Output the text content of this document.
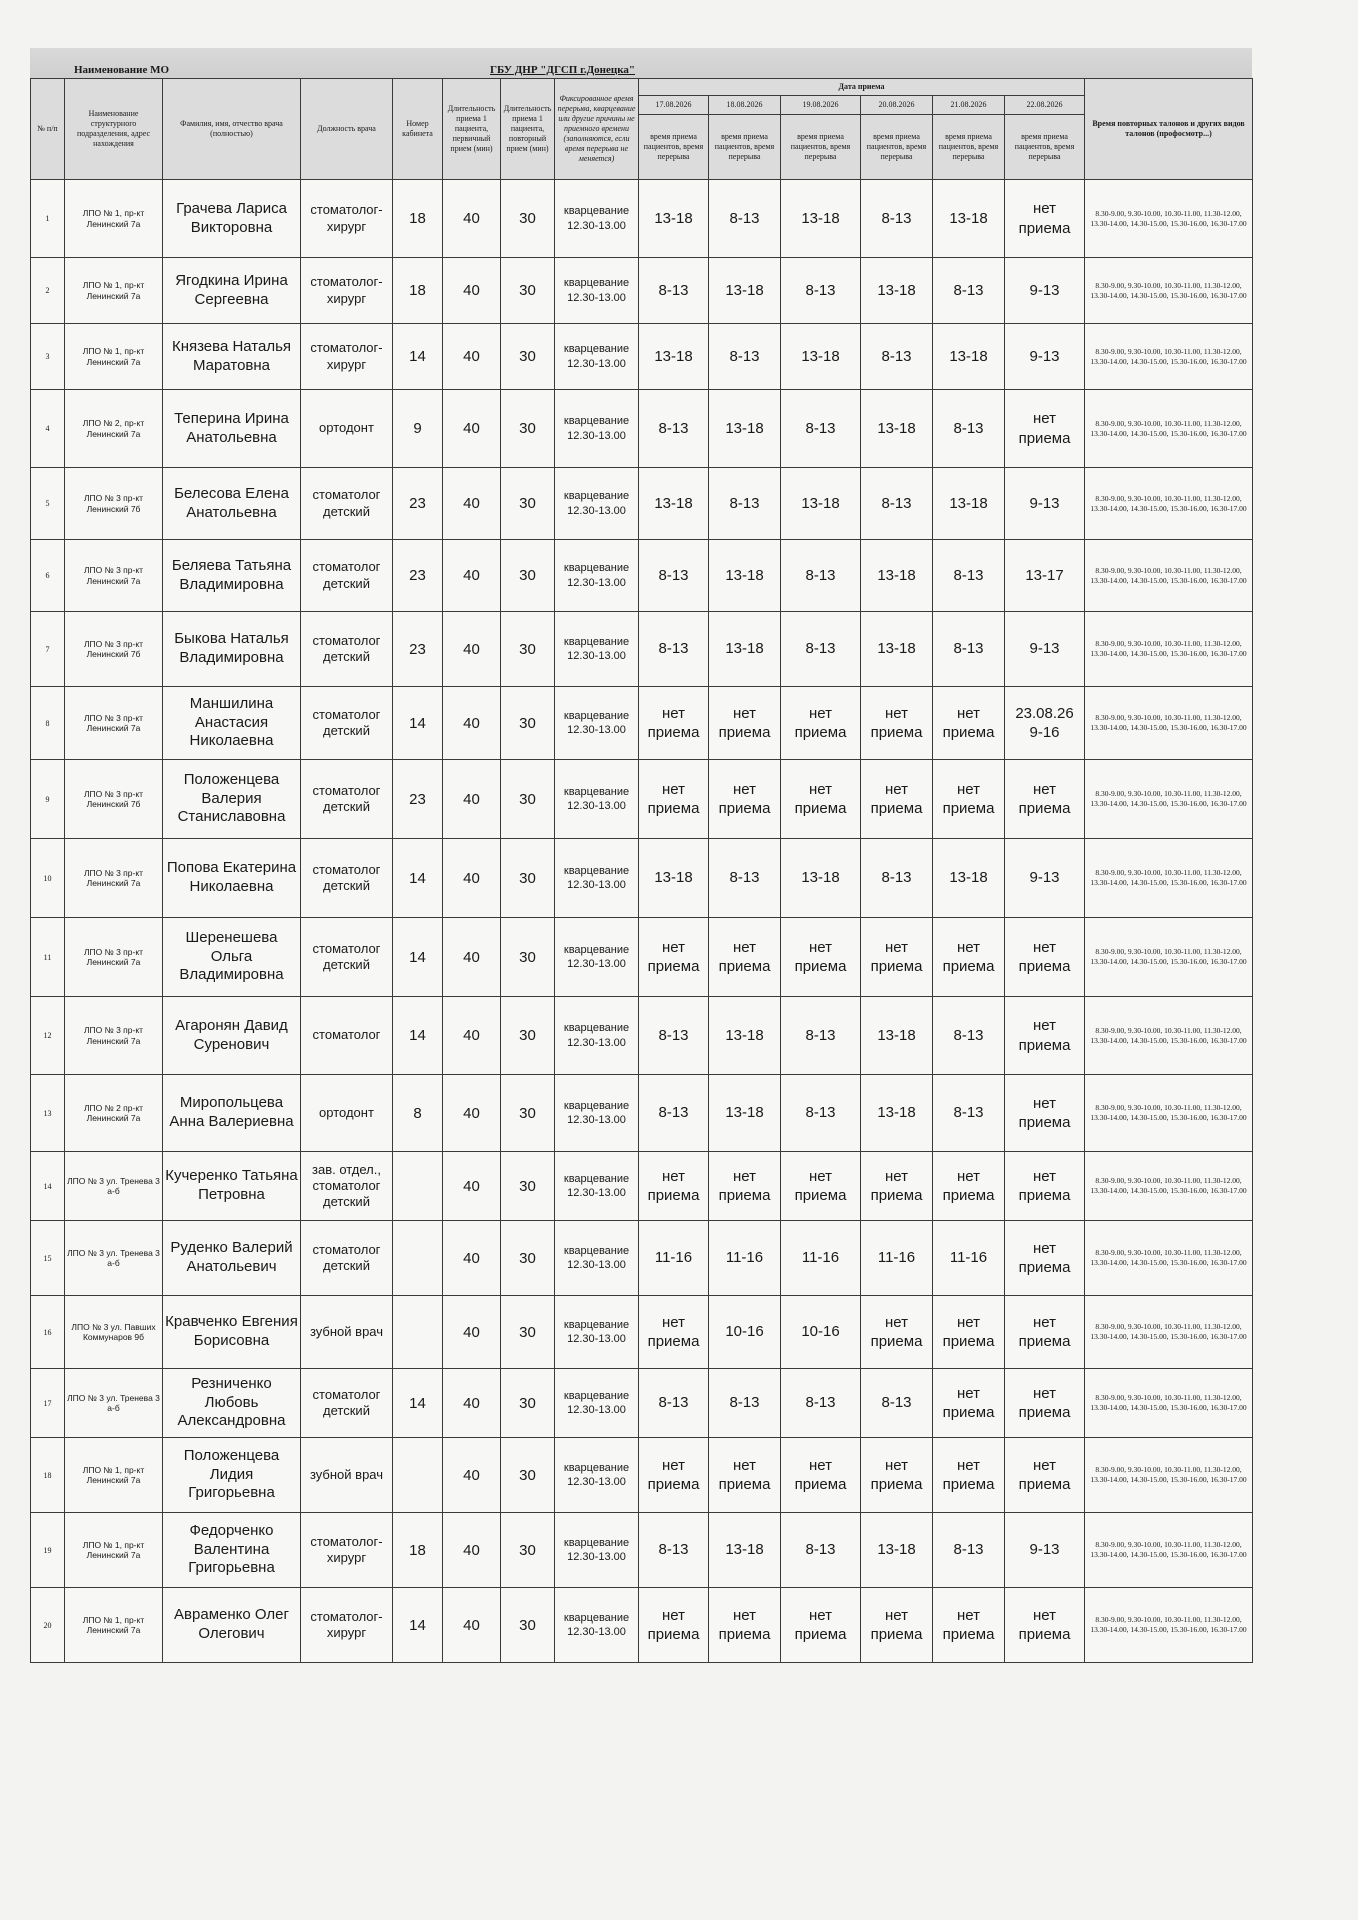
Наименование МО	ГБУ ДНР "ДГСП г.Донецка"
№ п/п	Наименование структурного подразделения, адрес нахождения	Фамилия, имя, отчество врача (полностью)	Должность врача	Номер кабинета	Длительность приема 1 пациента, первичный прием (мин)	Длительность приема 1 пациента, повторный прием (мин)	Фиксированное время перерыва, кварцевание или другие причины не приемного времени (заполняются, если время перерыва не меняется)	Дата приема						Время повторных талонов и других видов талонов (профосмотр...)
								17.08.2026	18.08.2026	19.08.2026	20.08.2026	21.08.2026	22.08.2026	
								время приема пациентов, время перерыва	время приема пациентов, время перерыва	время приема пациентов, время перерыва	время приема пациентов, время перерыва	время приема пациентов, время перерыва	время приема пациентов, время перерыва	
1	ЛПО № 1, пр-кт Ленинский 7а	Грачева Лариса Викторовна	стоматолог-хирург	18	40	30	кварцевание 12.30-13.00	13-18	8-13	13-18	8-13	13-18	нет приема	8.30-9.00, 9.30-10.00, 10.30-11.00, 11.30-12.00, 13.30-14.00, 14.30-15.00, 15.30-16.00, 16.30-17.00
2	ЛПО № 1, пр-кт Ленинский 7а	Ягодкина Ирина Сергеевна	стоматолог-хирург	18	40	30	кварцевание 12.30-13.00	8-13	13-18	8-13	13-18	8-13	9-13	8.30-9.00, 9.30-10.00, 10.30-11.00, 11.30-12.00, 13.30-14.00, 14.30-15.00, 15.30-16.00, 16.30-17.00
3	ЛПО № 1, пр-кт Ленинский 7а	Князева Наталья Маратовна	стоматолог-хирург	14	40	30	кварцевание 12.30-13.00	13-18	8-13	13-18	8-13	13-18	9-13	8.30-9.00, 9.30-10.00, 10.30-11.00, 11.30-12.00, 13.30-14.00, 14.30-15.00, 15.30-16.00, 16.30-17.00
4	ЛПО № 2, пр-кт Ленинский 7а	Теперина Ирина Анатольевна	ортодонт	9	40	30	кварцевание 12.30-13.00	8-13	13-18	8-13	13-18	8-13	нет приема	8.30-9.00, 9.30-10.00, 10.30-11.00, 11.30-12.00, 13.30-14.00, 14.30-15.00, 15.30-16.00, 16.30-17.00
5	ЛПО № 3 пр-кт Ленинский 7б	Белесова Елена Анатольевна	стоматолог детский	23	40	30	кварцевание 12.30-13.00	13-18	8-13	13-18	8-13	13-18	9-13	8.30-9.00, 9.30-10.00, 10.30-11.00, 11.30-12.00, 13.30-14.00, 14.30-15.00, 15.30-16.00, 16.30-17.00
6	ЛПО № 3 пр-кт Ленинский 7а	Беляева Татьяна Владимировна	стоматолог детский	23	40	30	кварцевание 12.30-13.00	8-13	13-18	8-13	13-18	8-13	13-17	8.30-9.00, 9.30-10.00, 10.30-11.00, 11.30-12.00, 13.30-14.00, 14.30-15.00, 15.30-16.00, 16.30-17.00
7	ЛПО № 3 пр-кт Ленинский 7б	Быкова Наталья Владимировна	стоматолог детский	23	40	30	кварцевание 12.30-13.00	8-13	13-18	8-13	13-18	8-13	9-13	8.30-9.00, 9.30-10.00, 10.30-11.00, 11.30-12.00, 13.30-14.00, 14.30-15.00, 15.30-16.00, 16.30-17.00
8	ЛПО № 3 пр-кт Ленинский 7а	Маншилина Анастасия Николаевна	стоматолог детский	14	40	30	кварцевание 12.30-13.00	нет приема	нет приема	нет приема	нет приема	нет приема	23.08.26 9-16	8.30-9.00, 9.30-10.00, 10.30-11.00, 11.30-12.00, 13.30-14.00, 14.30-15.00, 15.30-16.00, 16.30-17.00
9	ЛПО № 3 пр-кт Ленинский 7б	Положенцева Валерия Станиславовна	стоматолог детский	23	40	30	кварцевание 12.30-13.00	нет приема	нет приема	нет приема	нет приема	нет приема	нет приема	8.30-9.00, 9.30-10.00, 10.30-11.00, 11.30-12.00, 13.30-14.00, 14.30-15.00, 15.30-16.00, 16.30-17.00
10	ЛПО № 3 пр-кт Ленинский 7а	Попова Екатерина Николаевна	стоматолог детский	14	40	30	кварцевание 12.30-13.00	13-18	8-13	13-18	8-13	13-18	9-13	8.30-9.00, 9.30-10.00, 10.30-11.00, 11.30-12.00, 13.30-14.00, 14.30-15.00, 15.30-16.00, 16.30-17.00
11	ЛПО № 3 пр-кт Ленинский 7а	Шеренешева Ольга Владимировна	стоматолог детский	14	40	30	кварцевание 12.30-13.00	нет приема	нет приема	нет приема	нет приема	нет приема	нет приема	8.30-9.00, 9.30-10.00, 10.30-11.00, 11.30-12.00, 13.30-14.00, 14.30-15.00, 15.30-16.00, 16.30-17.00
12	ЛПО № 3 пр-кт Ленинский 7а	Агаронян Давид Суренович	стоматолог	14	40	30	кварцевание 12.30-13.00	8-13	13-18	8-13	13-18	8-13	нет приема	8.30-9.00, 9.30-10.00, 10.30-11.00, 11.30-12.00, 13.30-14.00, 14.30-15.00, 15.30-16.00, 16.30-17.00
13	ЛПО № 2 пр-кт Ленинский 7а	Миропольцева Анна Валериевна	ортодонт	8	40	30	кварцевание 12.30-13.00	8-13	13-18	8-13	13-18	8-13	нет приема	8.30-9.00, 9.30-10.00, 10.30-11.00, 11.30-12.00, 13.30-14.00, 14.30-15.00, 15.30-16.00, 16.30-17.00
14	ЛПО № 3 ул. Тренева 3 а-б	Кучеренко Татьяна Петровна	зав. отдел., стоматолог детский		40	30	кварцевание 12.30-13.00	нет приема	нет приема	нет приема	нет приема	нет приема	нет приема	8.30-9.00, 9.30-10.00, 10.30-11.00, 11.30-12.00, 13.30-14.00, 14.30-15.00, 15.30-16.00, 16.30-17.00
15	ЛПО № 3 ул. Тренева 3 а-б	Руденко Валерий Анатольевич	стоматолог детский		40	30	кварцевание 12.30-13.00	11-16	11-16	11-16	11-16	11-16	нет приема	8.30-9.00, 9.30-10.00, 10.30-11.00, 11.30-12.00, 13.30-14.00, 14.30-15.00, 15.30-16.00, 16.30-17.00
16	ЛПО № 3 ул. Павших Коммунаров 9б	Кравченко Евгения Борисовна	зубной врач		40	30	кварцевание 12.30-13.00	нет приема	10-16	10-16	нет приема	нет приема	нет приема	8.30-9.00, 9.30-10.00, 10.30-11.00, 11.30-12.00, 13.30-14.00, 14.30-15.00, 15.30-16.00, 16.30-17.00
17	ЛПО № 3 ул. Тренева 3 а-б	Резниченко Любовь Александровна	стоматолог детский	14	40	30	кварцевание 12.30-13.00	8-13	8-13	8-13	8-13	нет приема	нет приема	8.30-9.00, 9.30-10.00, 10.30-11.00, 11.30-12.00, 13.30-14.00, 14.30-15.00, 15.30-16.00, 16.30-17.00
18	ЛПО № 1, пр-кт Ленинский 7а	Положенцева Лидия Григорьевна	зубной врач		40	30	кварцевание 12.30-13.00	нет приема	нет приема	нет приема	нет приема	нет приема	нет приема	8.30-9.00, 9.30-10.00, 10.30-11.00, 11.30-12.00, 13.30-14.00, 14.30-15.00, 15.30-16.00, 16.30-17.00
19	ЛПО № 1, пр-кт Ленинский 7а	Федорченко Валентина Григорьевна	стоматолог-хирург	18	40	30	кварцевание 12.30-13.00	8-13	13-18	8-13	13-18	8-13	9-13	8.30-9.00, 9.30-10.00, 10.30-11.00, 11.30-12.00, 13.30-14.00, 14.30-15.00, 15.30-16.00, 16.30-17.00
20	ЛПО № 1, пр-кт Ленинский 7а	Авраменко Олег Олегович	стоматолог-хирург	14	40	30	кварцевание 12.30-13.00	нет приема	нет приема	нет приема	нет приема	нет приема	нет приема	8.30-9.00, 9.30-10.00, 10.30-11.00, 11.30-12.00, 13.30-14.00, 14.30-15.00, 15.30-16.00, 16.30-17.00
